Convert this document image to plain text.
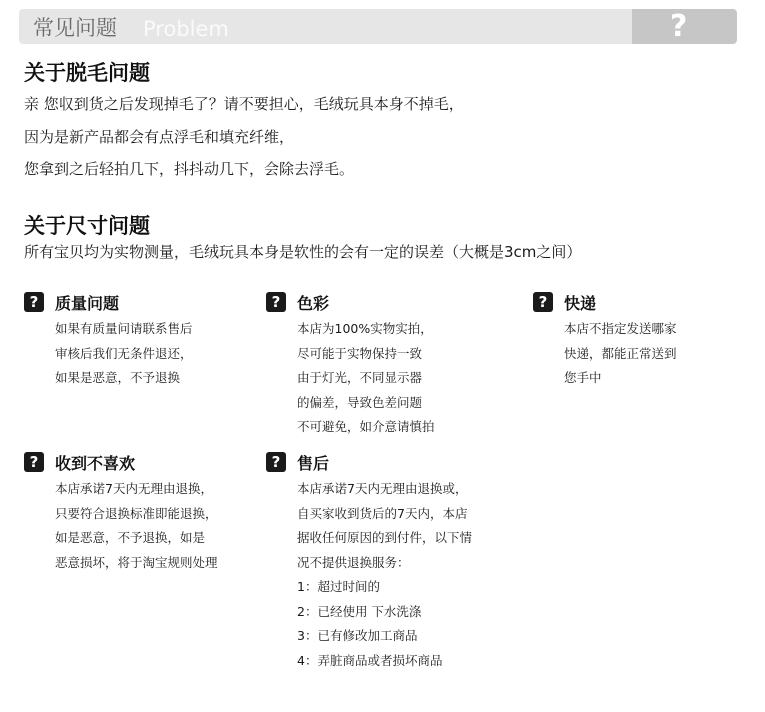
常见问题 Problem	?
关于脱毛问题

亲 您収到货之后发现掉毛了？请不要担心，毛绒玩具本身不掉毛，

因为是新产品都会有点浮毛和填充纤维，

您拿到之后轻拍几下，抖抖动几下，会除去浮毛。

关于尺寸问题

所有宝贝均为实物测量，毛绒玩具本身是软性的会有一定的误差（大概是3cm之间）

?	质量问题
如果有质量问请联系售后
审核后我们无条件退还，
如果是恶意，不予退换
?	色彩
本店为100%实物实拍，
尽可能于实物保持一致
由于灯光，不同显示器
的偏差，导致色差问题
不可避免，如介意请慎拍
?	快递
本店不指定发送哪家
快递，都能正常送到
您手中
?	收到不喜欢
本店承诺7天内无理由退换，
只要符合退换标准即能退换，
如是恶意，不予退换，如是
恶意损坏，将于淘宝规则处理
?	售后
本店承诺7天内无理由退换或，
自买家收到货后的7天内，本店
据收任何原因的到付件，以下情
况不提供退换服务：
1：超过时间的
2：已经使用 下水洗涤
3：已有修改加工商品
4：弄脏商品或者损坏商品
